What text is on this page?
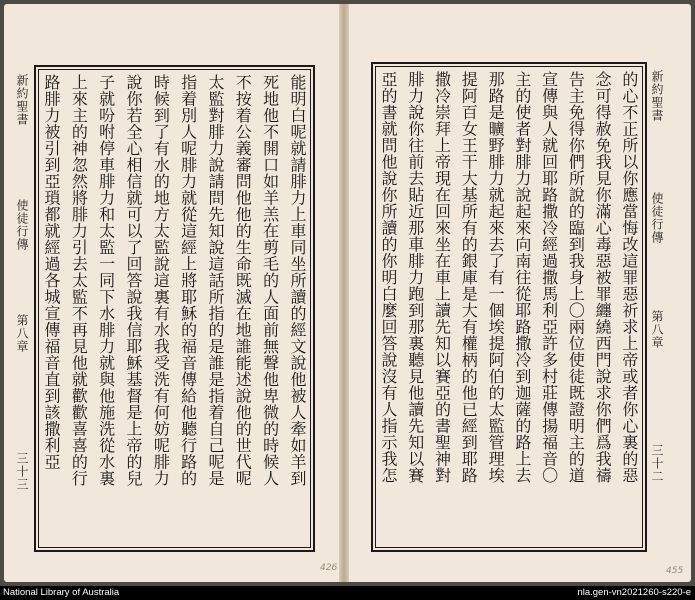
新約聖書
使徒行傳
第八章
三十三	能明白呢就請腓力上車同坐所讀的經文說他被人牽如羊到
死地他不開口如羊羔在剪毛的人面前無聲他卑微的時候人
不按着公義審問他他的生命既滅在地誰能述說他的世代呢
太監對腓力說請問先知說這話所指的是誰是指着自己呢是
指着別人呢腓力就從這經上將耶穌的福音傳給他聽行路的
時候到了有水的地方太監說這裏有水我受洗有何妨呢腓力
說你若全心相信就可以了回答說我信耶穌基督是上帝的兒
子就吩咐停車腓力和太監一同下水腓力就與他施洗從水裏
上來主的神忽然將腓力引去太監不再見他就歡歡喜喜的行
路腓力被引到亞瑣都就經過各城宣傳福音直到該撒利亞	的心不正所以你應當悔改這罪惡祈求上帝或者你心裏的惡
念可得赦免我見你滿心毒惡被罪纏繞西門說求你們爲我禱
告主免得你們所說的臨到我身上〇兩位使徒既證明主的道
宣傳與人就回耶路撒冷經過撒馬利亞許多村莊傳揚福音〇
主的使者對腓力說起來向南往從耶路撒冷到迦薩的路上去
那路是曠野腓力就起來去了有一個埃提阿伯的太監管理埃
提阿百女王干大基所有的銀庫是大有權柄的他已經到耶路
撒冷崇拜上帝現在回來坐在車上讀先知以賽亞的書聖神對
腓力說你往前去貼近那車腓力跑到那裏聽見他讀先知以賽
亞的書就問他說你所讀的你明白麼回答說沒有人指示我怎	新約聖書
使徒行傳
第八章
三十二
426	455
National Library of Australia	nla.gen-vn2021260-s220-e
